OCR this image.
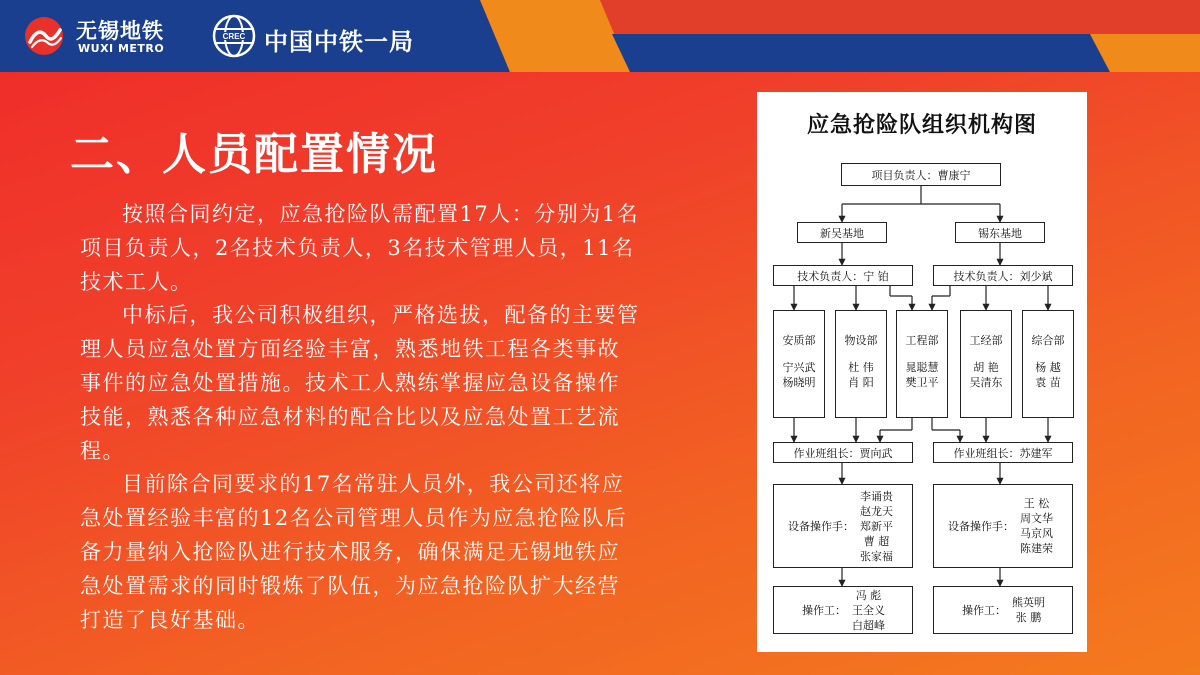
无锡地铁
WUXI METRO
CREC 中国中铁一局
二、人员配置情况

按照合同约定，应急抢险队需配置17人：分别为1名项目负责人，2名技术负责人，3名技术管理人员，11名技术工人。

中标后，我公司积极组织，严格选拔，配备的主要管理人员应急处置方面经验丰富，熟悉地铁工程各类事故事件的应急处置措施。技术工人熟练掌握应急设备操作技能，熟悉各种应急材料的配合比以及应急处置工艺流程。

目前除合同要求的17名常驻人员外，我公司还将应急处置经验丰富的12名公司管理人员作为应急抢险队后备力量纳入抢险队进行技术服务，确保满足无锡地铁应急处置需求的同时锻炼了队伍，为应急抢险队扩大经营打造了良好基础。

应急抢险队组织机构图
项目负责人：曹康宁
新吴基地	锡东基地
技术负责人：宁 铂	技术负责人：刘少斌
安质部
宁兴武
杨晓明
物设部
杜 伟
肖 阳
工程部
晁聪慧
樊卫平
工经部
胡 艳
吴清东
综合部
杨 越
袁 苗
作业班组长：贾向武	作业班组长：苏建军
设备操作手：
李诵贵
赵龙天
郑新平
曹 超
张家福
设备操作手：
王 松
周文华
马京风
陈建荣
操作工：
冯 彪
王全义
白超峰
操作工：
熊英明
张 鹏
